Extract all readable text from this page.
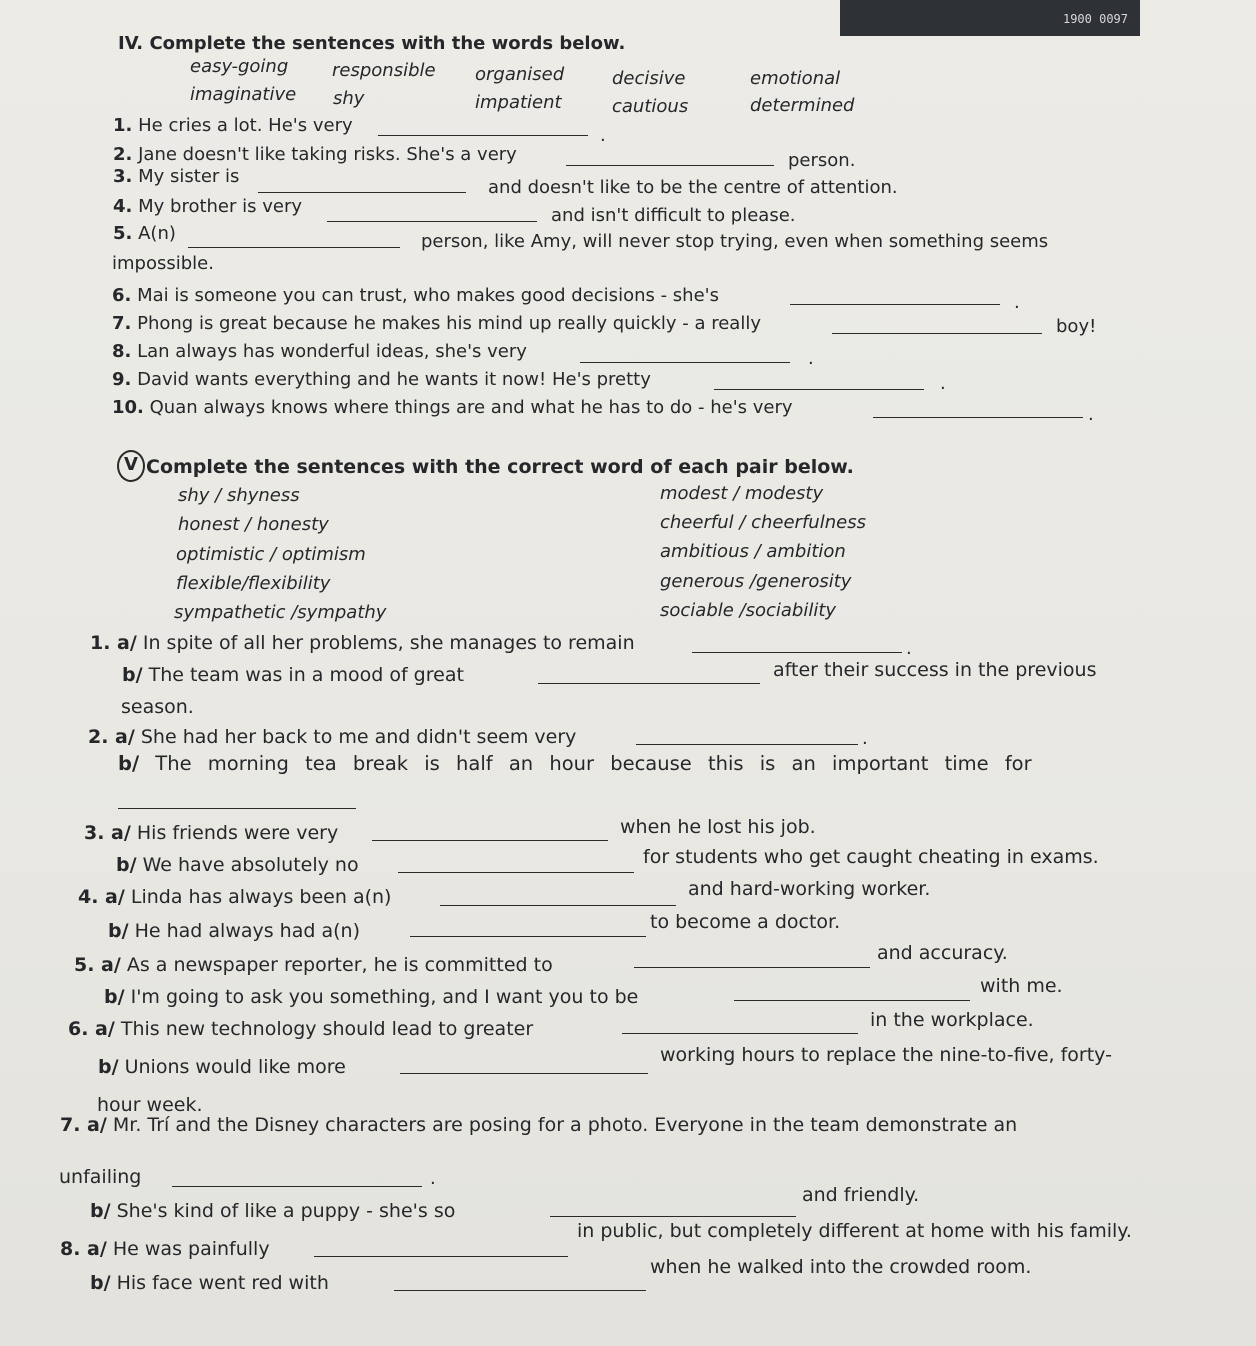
1900 0097
IV. Complete the sentences with the words below.
easy-going responsible organised	decisive	emotional
imaginative shy	impatient	cautious	determined
1. He cries a lot. He's very	.
2. Jane doesn't like taking risks. She's a very	person.
3. My sister is
and doesn't like to be the centre of attention.
4. My brother is very	and isn't difficult to please.
5. A(n)	person, like Amy, will never stop trying, even when something seems
impossible.
6. Mai is someone you can trust, who makes good decisions - she's	.
7. Phong is great because he makes his mind up really quickly - a really	boy!
8. Lan always has wonderful ideas, she's very	.
9. David wants everything and he wants it now! He's pretty	.
10. Quan always knows where things are and what he has to do - he's very	.
V Complete the sentences with the correct word of each pair below.
shy / shyness	modest / modesty
honest / honesty	cheerful / cheerfulness
optimistic / optimism	ambitious / ambition
flexible/flexibility	generous /generosity
sympathetic /sympathy	sociable /sociability
1. a/ In spite of all her problems, she manages to remain	.
b/ The team was in a mood of great	after their success in the previous
season.
2. a/ She had her back to me and didn't seem very	.
b/ The morning tea break is half an hour because this is an important time for
3. a/ His friends were very	when he lost his job.
b/ We have absolutely no	for students who get caught cheating in exams.
4. a/ Linda has always been a(n)	and hard-working worker.
b/ He had always had a(n)	to become a doctor.
5. a/ As a newspaper reporter, he is committed to
and accuracy.
b/ I'm going to ask you something, and I want you to be	with me.
6. a/ This new technology should lead to greater	in the workplace.
b/ Unions would like more
working hours to replace the nine-to-five, forty-
hour week.
7. a/ Mr. Trí and the Disney characters are posing for a photo. Everyone in the team demonstrate an
unfailing	.
b/ She's kind of like a puppy - she's so
and friendly.
8. a/ He was painfully
in public, but completely different at home with his family.
b/ His face went red with
when he walked into the crowded room.
